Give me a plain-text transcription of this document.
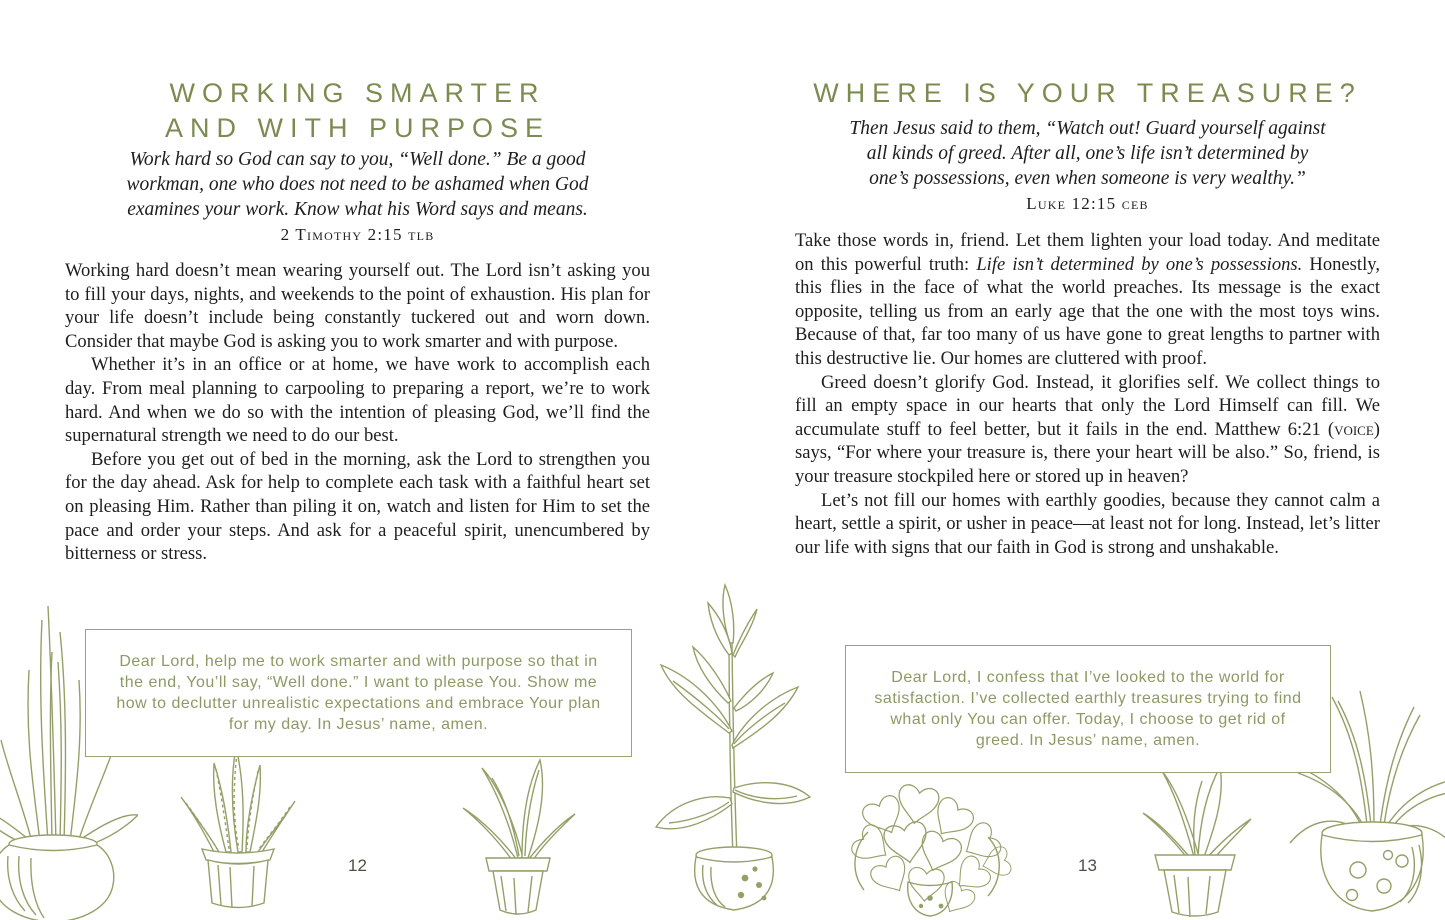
WORKING SMARTER
AND WITH PURPOSE
Work hard so God can say to you, “Well done.” Be a good
workman, one who does not need to be ashamed when God
examines your work. Know what his Word says and means.
2 Timothy 2:15 tlb

Working hard doesn’t mean wearing yourself out. The Lord isn’t asking you to fill your days, nights, and weekends to the point of exhaustion. His plan for your life doesn’t include being constantly tuckered out and worn down. Consider that maybe God is asking you to work smarter and with purpose.

Whether it’s in an office or at home, we have work to accomplish each day. From meal planning to carpooling to preparing a report, we’re to work hard. And when we do so with the intention of pleasing God, we’ll find the supernatural strength we need to do our best.

Before you get out of bed in the morning, ask the Lord to strengthen you for the day ahead. Ask for help to complete each task with a faithful heart set on pleasing Him. Rather than piling it on, watch and listen for Him to set the pace and order your steps. And ask for a peaceful spirit, unencumbered by bitterness or stress.

WHERE IS YOUR TREASURE?
Then Jesus said to them, “Watch out! Guard yourself against
all kinds of greed. After all, one’s life isn’t determined by
one’s possessions, even when someone is very wealthy.”
Luke 12:15 ceb

Take those words in, friend. Let them lighten your load today. And meditate on this powerful truth: Life isn’t determined by one’s possessions. Honestly, this flies in the face of what the world preaches. Its message is the exact opposite, telling us from an early age that the one with the most toys wins. Because of that, far too many of us have gone to great lengths to partner with this destructive lie. Our homes are cluttered with proof.

Greed doesn’t glorify God. Instead, it glorifies self. We collect things to fill an empty space in our hearts that only the Lord Himself can fill. We accumulate stuff to feel better, but it fails in the end. Matthew 6:21 (voice) says, “For where your treasure is, there your heart will be also.” So, friend, is your treasure stockpiled here or stored up in heaven?

Let’s not fill our homes with earthly goodies, because they cannot calm a heart, settle a spirit, or usher in peace—at least not for long. Instead, let’s litter our life with signs that our faith in God is strong and unshakable.

Dear Lord, help me to work smarter and with purpose so that in the end, You’ll say, “Well done.” I want to please You. Show me how to declutter unrealistic expectations and embrace Your plan for my day. In Jesus’ name, amen.

Dear Lord, I confess that I’ve looked to the world for satisfaction. I’ve collected earthly treasures trying to find what only You can offer. Today, I choose to get rid of greed. In Jesus’ name, amen.

12	13
